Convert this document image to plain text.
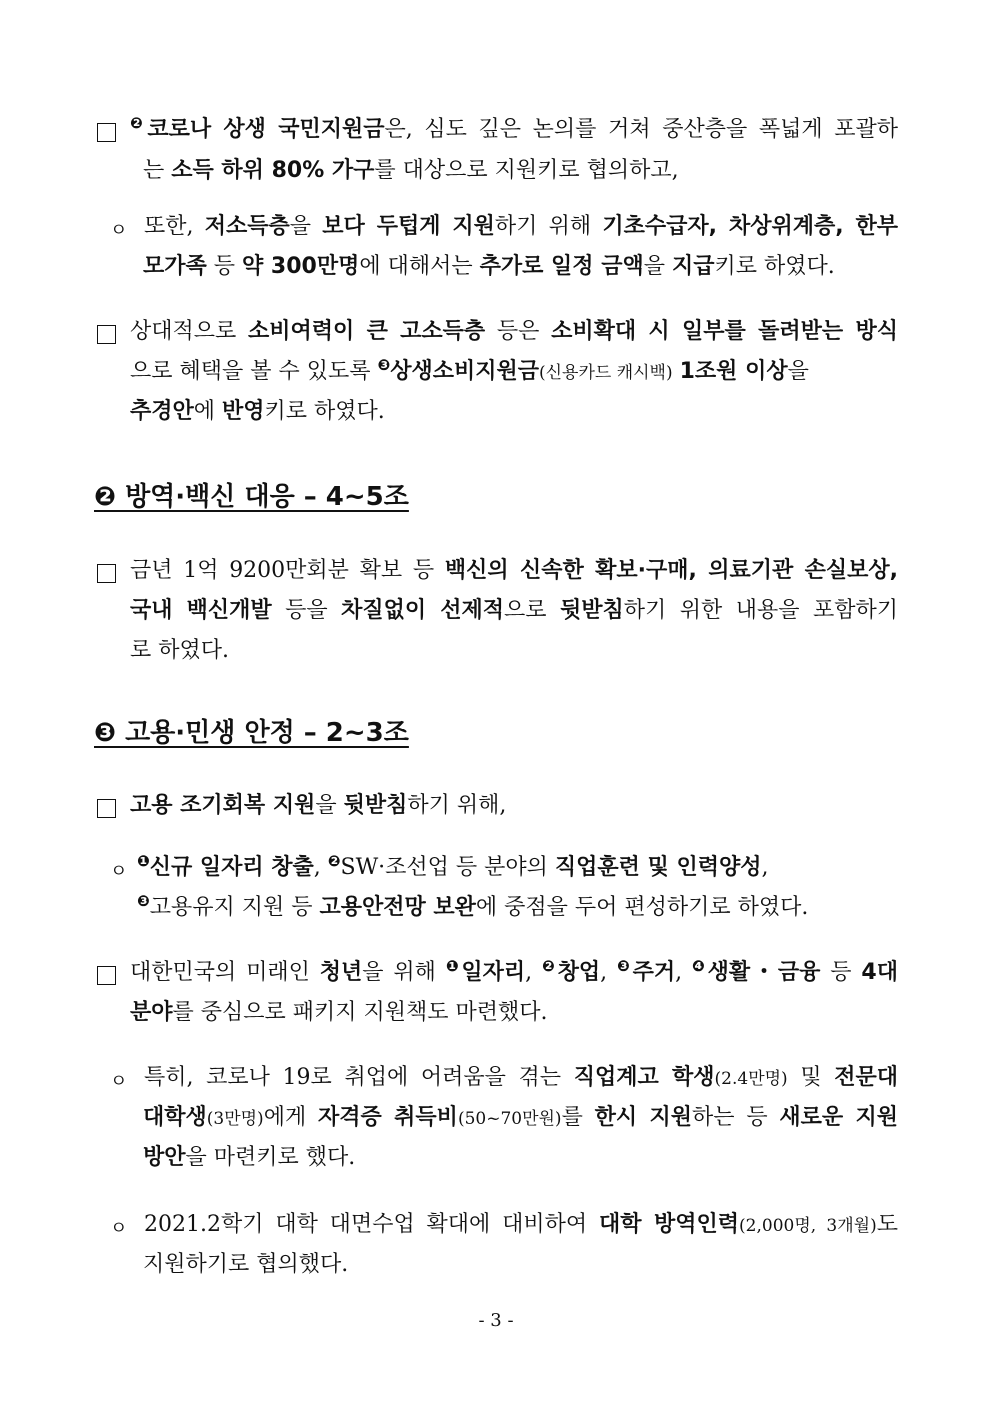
$^❷$코로나 상생 국민지원금은, 심도 깊은 논의를 거쳐 중산층을 폭넓게 포괄하
는 소득 하위 80% 가구를 대상으로 지원키로 협의하고,
ㅇ 또한, 저소득층을 보다 두텁게 지원하기 위해 기초수급자, 차상위계층, 한부
모가족 등 약 300만명에 대해서는 추가로 일정 금액을 지급키로 하였다.
상대적으로 소비여력이 큰 고소득층 등은 소비확대 시 일부를 돌려받는 방식
으로 혜택을 볼 수 있도록 $^❸$상생소비지원금(신용카드 캐시백) 1조원 이상을
추경안에 반영키로 하였다.
❷ 방역·백신 대응 – 4~5조
금년 1억 9200만회분 확보 등 백신의 신속한 확보·구매, 의료기관 손실보상,
국내 백신개발 등을 차질없이 선제적으로 뒷받침하기 위한 내용을 포함하기
로 하였다.
❸ 고용·민생 안정 – 2~3조
고용 조기회복 지원을 뒷받침하기 위해,
ㅇ $^❶$신규 일자리 창출, $^❷$SW·조선업 등 분야의 직업훈련 및 인력양성,
$^❸$고용유지 지원 등 고용안전망 보완에 중점을 두어 편성하기로 하였다.
대한민국의 미래인 청년을 위해 $^❶$일자리, $^❷$창업, $^❸$주거, $^❹$생활・금융 등 4대
분야를 중심으로 패키지 지원책도 마련했다.
ㅇ 특히, 코로나 19로 취업에 어려움을 겪는 직업계고 학생(2.4만명) 및 전문대
대학생(3만명)에게 자격증 취득비(50~70만원)를 한시 지원하는 등 새로운 지원
방안을 마련키로 했다.
ㅇ 2021.2학기 대학 대면수업 확대에 대비하여 대학 방역인력(2,000명, 3개월)도
지원하기로 협의했다.
- 3 -
